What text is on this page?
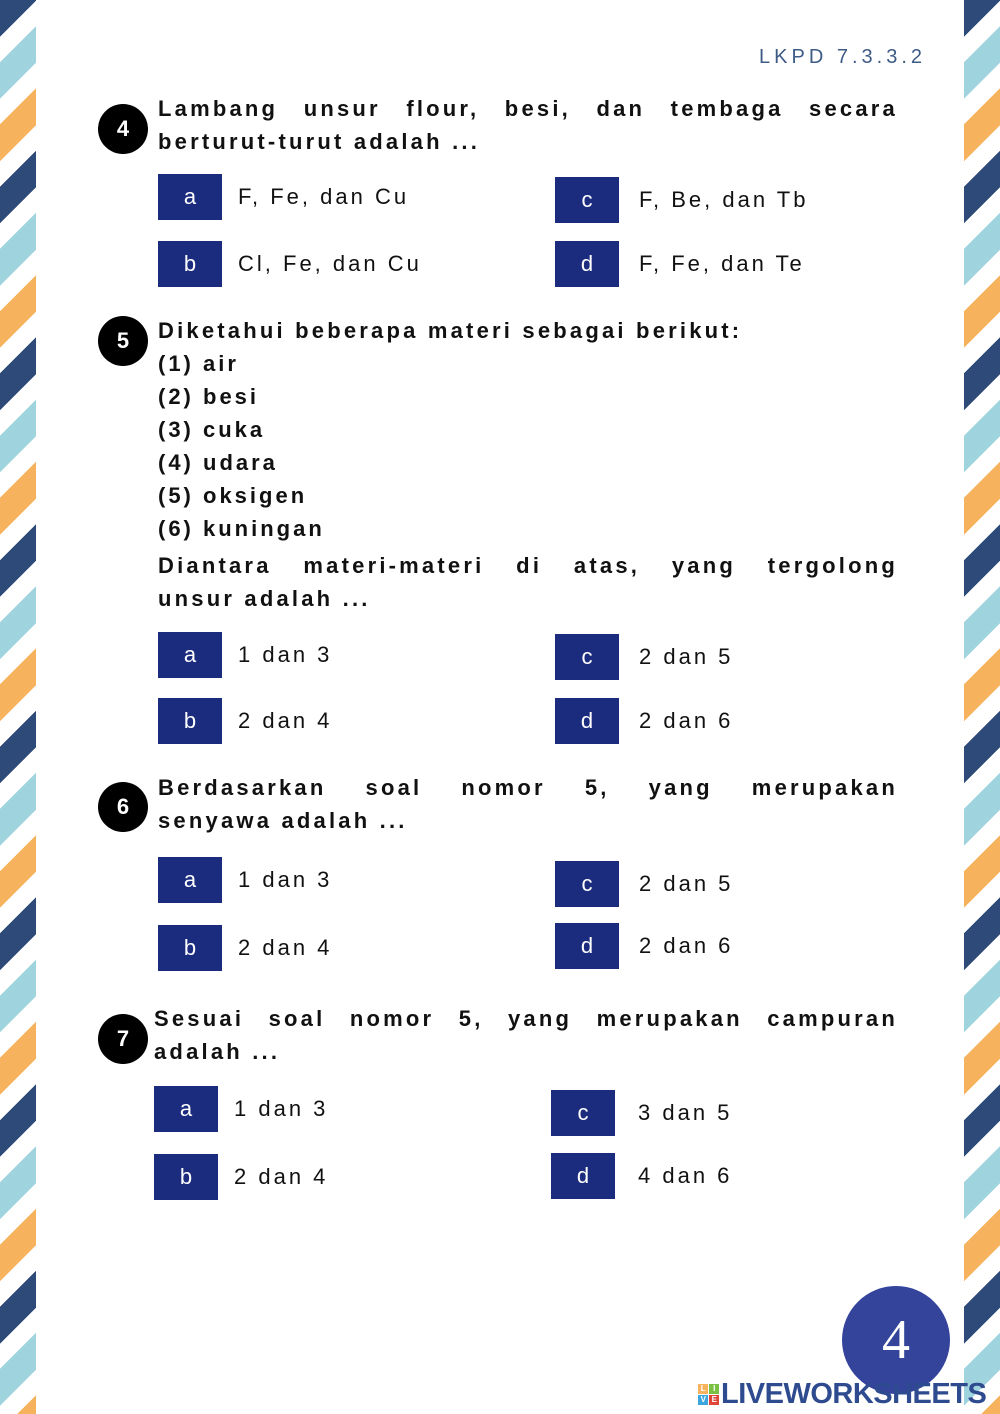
LKPD 7.3.3.2
4
Lambang unsur flour, besi, dan tembaga secara
berturut-turut adalah ...
a	F, Fe, dan Cu
b	Cl, Fe, dan Cu
c	F, Be, dan Tb
d	F, Fe, dan Te
5	Diketahui beberapa materi sebagai berikut:
(1) air
(2) besi
(3) cuka
(4) udara
(5) oksigen
(6) kuningan
Diantara materi-materi di atas, yang tergolong
unsur adalah ...
a	1 dan 3
b	2 dan 4
c	2 dan 5
d	2 dan 6
6
Berdasarkan soal nomor 5, yang merupakan
senyawa adalah ...
a	1 dan 3
b	2 dan 4
c	2 dan 5
d	2 dan 6
7
Sesuai soal nomor 5, yang merupakan campuran
adalah ...
a	1 dan 3
b	2 dan 4
c	3 dan 5
d	4 dan 6
4
L I
V E LIVEWORKSHEETS
